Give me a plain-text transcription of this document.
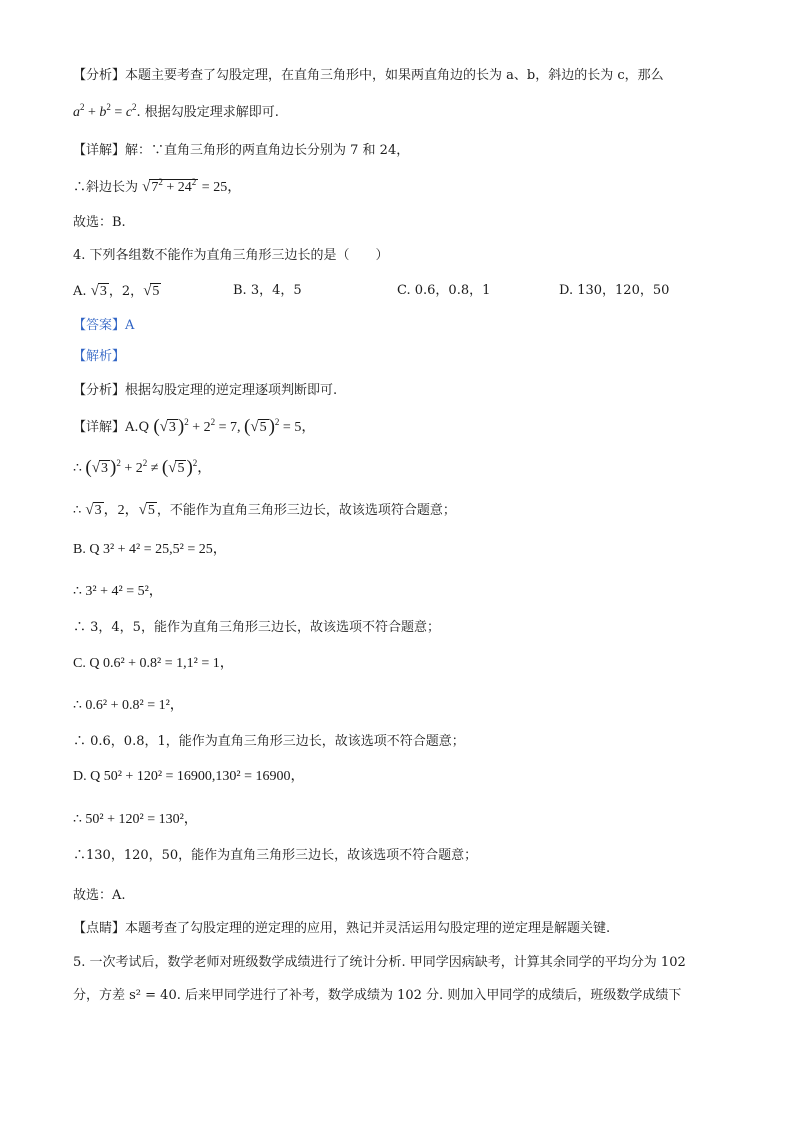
【分析】本题主要考查了勾股定理，在直角三角形中，如果两直角边的长为 a、b，斜边的长为 c，那么
$a^2 + b^2 = c^2$. 根据勾股定理求解即可.
【详解】解：∵直角三角形的两直角边长分别为 7 和 24，
∴斜边长为 $√7^2 + 24^2 = 25$，
故选：B.
4. 下列各组数不能作为直角三角形三边长的是（　　）
A. √3 ，2，√5	B. 3，4，5	C. 0.6，0.8，1	D. 130，120，50
【答案】A
【解析】
【分析】根据勾股定理的逆定理逐项判断即可.
【详解】A.Q (√3 )$^2 + 2^2 = 7$, (√5 )$^2$ = 5，
∴ (√3 )$^2 + 2^2 \ne (√5$ )$^2$，
∴ √3 ，2，√5 ，不能作为直角三角形三边长，故该选项符合题意；
B. Q 3² + 4² = 25,5² = 25，
∴ 3² + 4² = 5²，
∴ 3，4，5，能作为直角三角形三边长，故该选项不符合题意；
C. Q 0.6² + 0.8² = 1,1² = 1，
∴ 0.6² + 0.8² = 1²，
∴ 0.6，0.8，1，能作为直角三角形三边长，故该选项不符合题意；
D. Q 50² + 120² = 16900,130² = 16900，
∴ 50² + 120² = 130²，
∴130，120，50，能作为直角三角形三边长，故该选项不符合题意；
故选：A.
【点睛】本题考查了勾股定理的逆定理的应用，熟记并灵活运用勾股定理的逆定理是解题关键.
5. 一次考试后，数学老师对班级数学成绩进行了统计分析. 甲同学因病缺考，计算其余同学的平均分为 102
分，方差 s² = 40. 后来甲同学进行了补考，数学成绩为 102 分. 则加入甲同学的成绩后，班级数学成绩下
